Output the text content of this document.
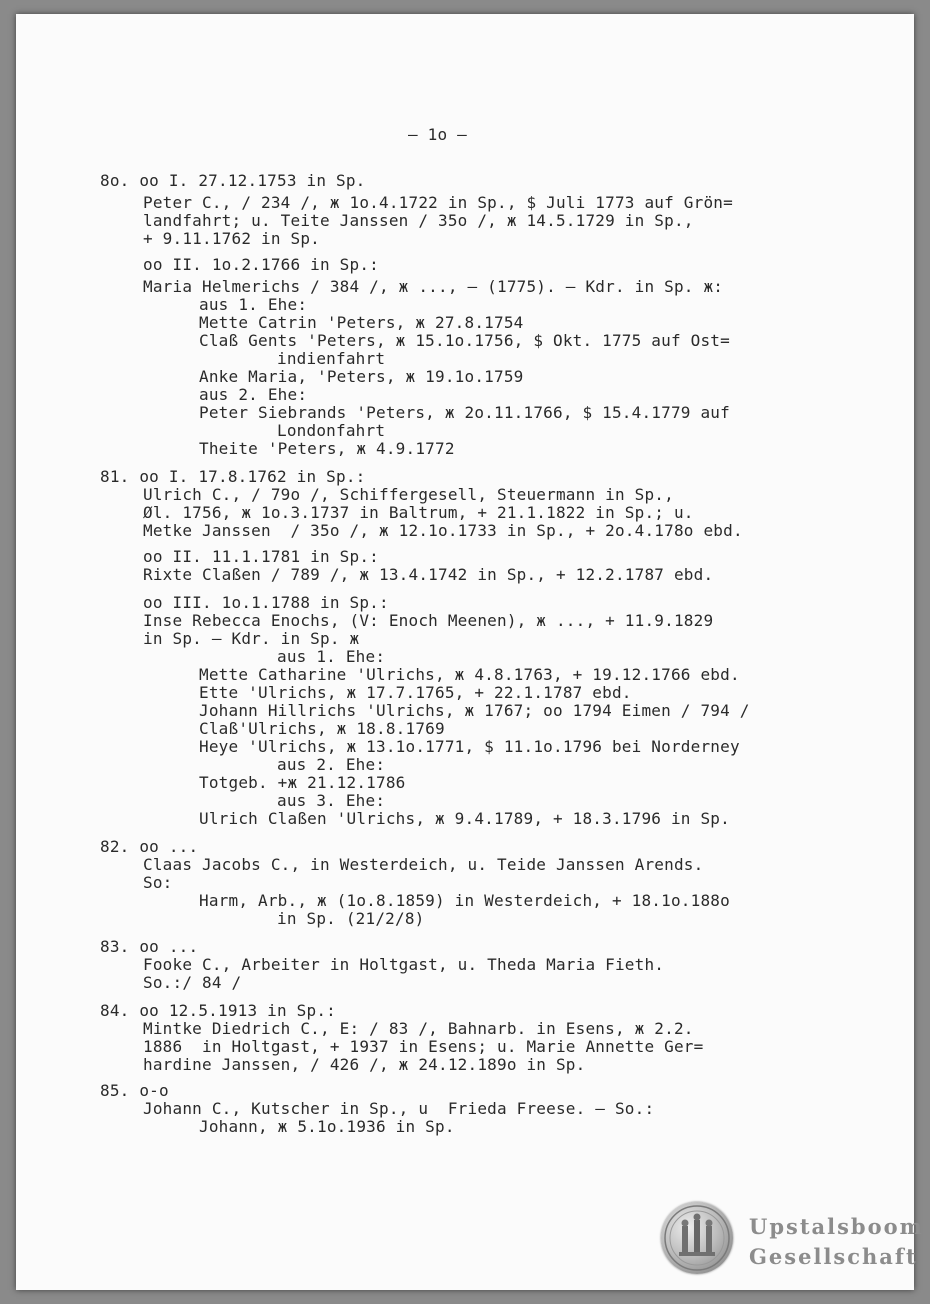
– 1o –
8o. oo I. 27.12.1753 in Sp.
Peter C., / 234 /, ж 1o.4.1722 in Sp., $ Juli 1773 auf Grön=
landfahrt; u. Teite Janssen / 35o /, ж 14.5.1729 in Sp.,
+ 9.11.1762 in Sp.
oo II. 1o.2.1766 in Sp.:
Maria Helmerichs / 384 /, ж ..., – (1775). – Kdr. in Sp. ж:
aus 1. Ehe:
Mette Catrin 'Peters, ж 27.8.1754
Claß Gents 'Peters, ж 15.1o.1756, $ Okt. 1775 auf Ost=
indienfahrt
Anke Maria, 'Peters, ж 19.1o.1759
aus 2. Ehe:
Peter Siebrands 'Peters, ж 2o.11.1766, $ 15.4.1779 auf
Londonfahrt
Theite 'Peters, ж 4.9.1772
81. oo I. 17.8.1762 in Sp.:
Ulrich C., / 79o /, Schiffergesell, Steuermann in Sp.,
Øl. 1756, ж 1o.3.1737 in Baltrum, + 21.1.1822 in Sp.; u.
Metke Janssen  / 35o /, ж 12.1o.1733 in Sp., + 2o.4.178o ebd.
oo II. 11.1.1781 in Sp.:
Rixte Claßen / 789 /, ж 13.4.1742 in Sp., + 12.2.1787 ebd.
oo III. 1o.1.1788 in Sp.:
Inse Rebecca Enochs, (V: Enoch Meenen), ж ..., + 11.9.1829
in Sp. – Kdr. in Sp. ж
aus 1. Ehe:
Mette Catharine 'Ulrichs, ж 4.8.1763, + 19.12.1766 ebd.
Ette 'Ulrichs, ж 17.7.1765, + 22.1.1787 ebd.
Johann Hillrichs 'Ulrichs, ж 1767; oo 1794 Eimen / 794 /
Claß'Ulrichs, ж 18.8.1769
Heye 'Ulrichs, ж 13.1o.1771, $ 11.1o.1796 bei Norderney
aus 2. Ehe:
Totgeb. +ж 21.12.1786
aus 3. Ehe:
Ulrich Claßen 'Ulrichs, ж 9.4.1789, + 18.3.1796 in Sp.
82. oo ...
Claas Jacobs C., in Westerdeich, u. Teide Janssen Arends.
So:
Harm, Arb., ж (1o.8.1859) in Westerdeich, + 18.1o.188o
in Sp. (21/2/8)
83. oo ...
Fooke C., Arbeiter in Holtgast, u. Theda Maria Fieth.
So.:/ 84 /
84. oo 12.5.1913 in Sp.:
Mintke Diedrich C., E: / 83 /, Bahnarb. in Esens, ж 2.2.
1886  in Holtgast, + 1937 in Esens; u. Marie Annette Ger=
hardine Janssen, / 426 /, ж 24.12.189o in Sp.
85. o-o
Johann C., Kutscher in Sp., u  Frieda Freese. – So.:
Johann, ж 5.1o.1936 in Sp.
Upstalsboom
Gesellschaft
